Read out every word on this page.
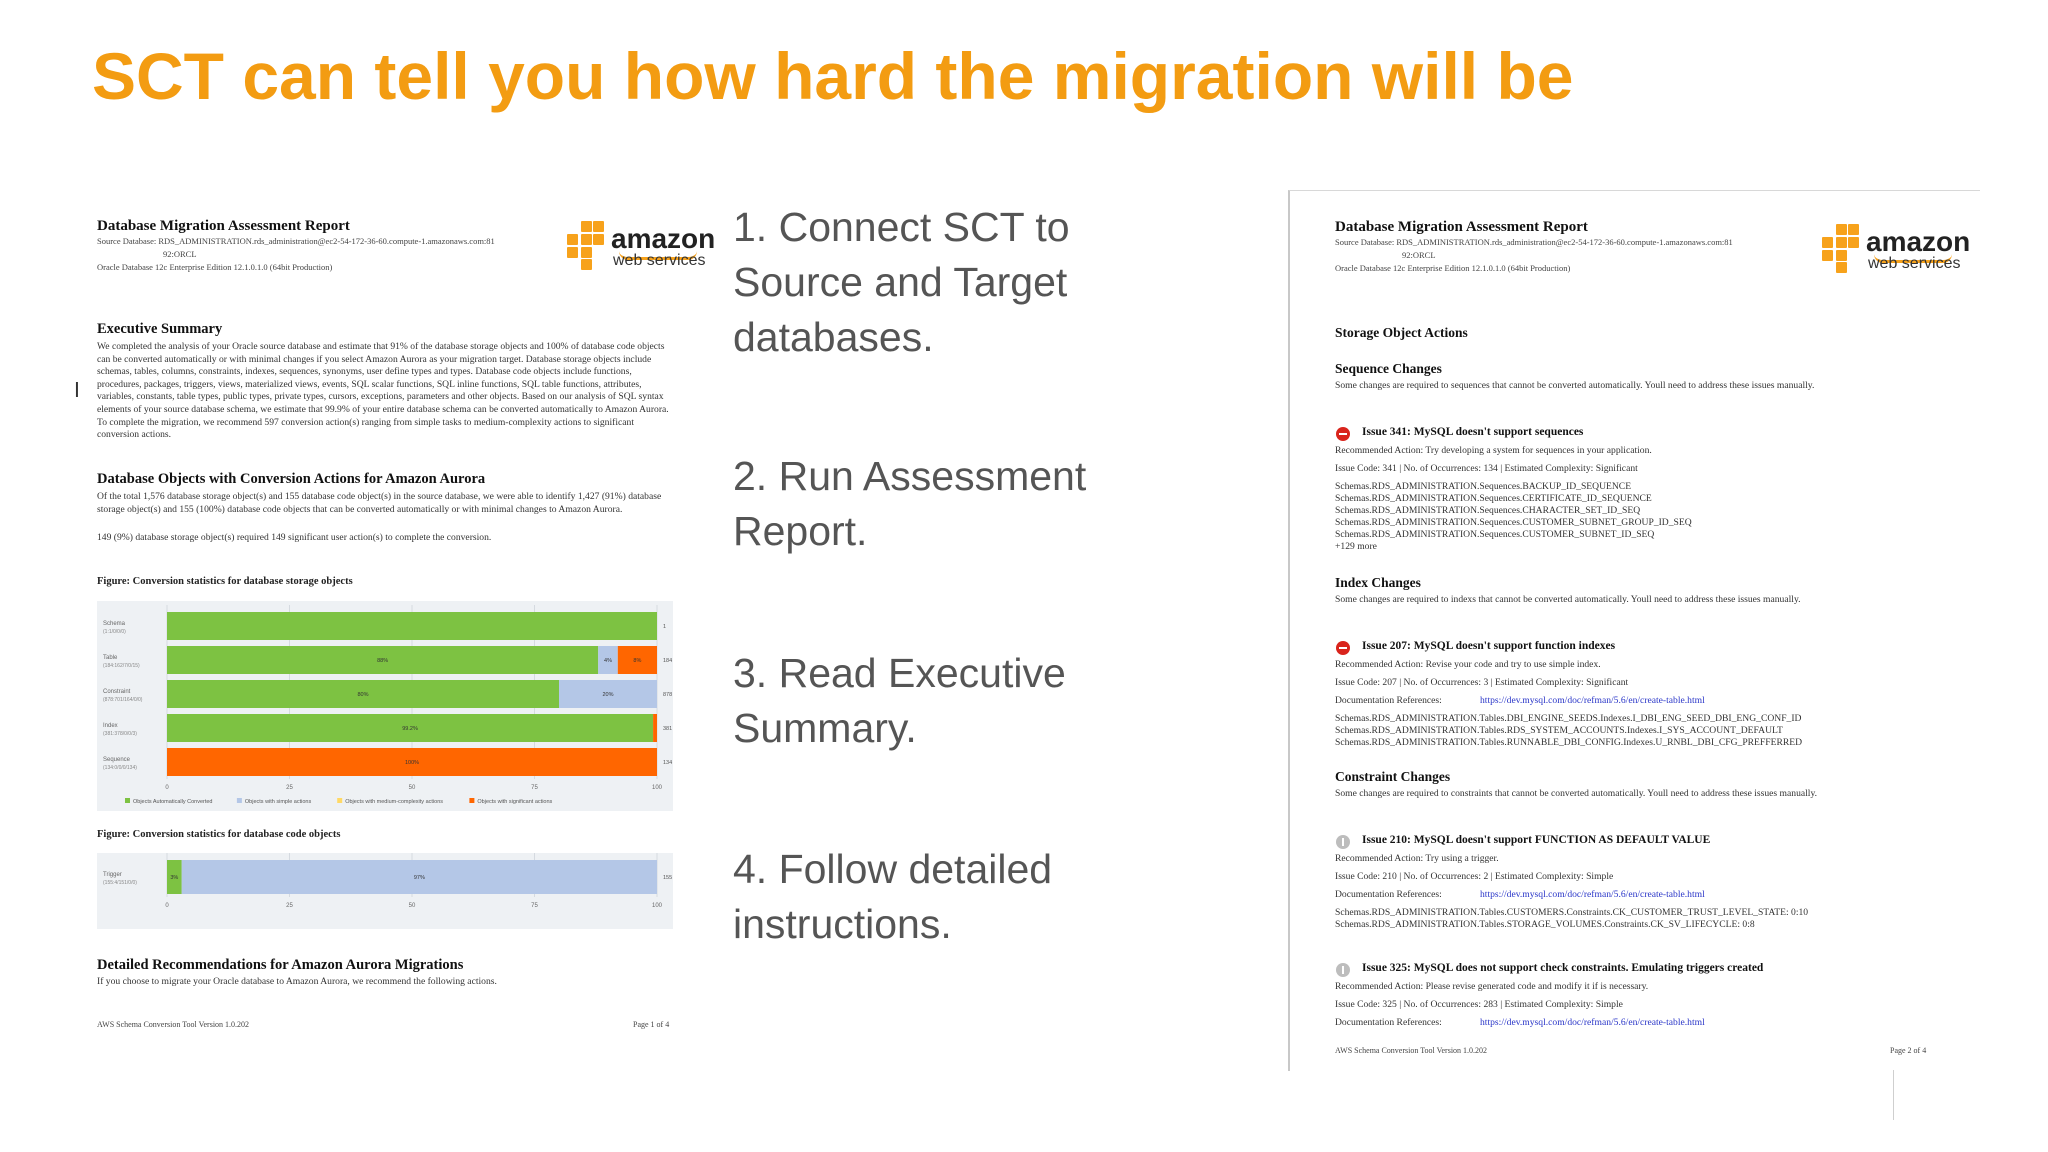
SCT can tell you how hard the migration will be
Database Migration Assessment Report
Source Database: RDS_ADMINISTRATION.rds_administration@ec2-54-172-36-60.compute-1.amazonaws.com:81
92:ORCL
Oracle Database 12c Enterprise Edition 12.1.0.1.0 (64bit Production)
amazon
web services
Executive Summary
We completed the analysis of your Oracle source database and estimate that 91% of the database storage objects and 100% of database code objects can be converted automatically or with minimal changes if you select Amazon Aurora as your migration target. Database storage objects include schemas, tables, columns, constraints, indexes, sequences, synonyms, user define types and types. Database code objects include functions, procedures, packages, triggers, views, materialized views, events, SQL scalar functions, SQL inline functions, SQL table functions, attributes, variables, constants, table types, public types, private types, cursors, exceptions, parameters and other objects. Based on our analysis of SQL syntax elements of your source database schema, we estimate that 99.9% of your entire database schema can be converted automatically to Amazon Aurora. To complete the migration, we recommend 597 conversion action(s) ranging from simple tasks to medium-complexity actions to significant conversion actions.
Database Objects with Conversion Actions for Amazon Aurora
Of the total 1,576 database storage object(s) and 155 database code object(s) in the source database, we were able to identify 1,427 (91%) database storage object(s) and 155 (100%) database code objects that can be converted automatically or with minimal changes to Amazon Aurora.
149 (9%) database storage object(s) required 149 significant user action(s) to complete the conversion.
Figure: Conversion statistics for database storage objects
0	25	50	75	100
Schema
(1:1/0/0/0)
1
Table
(184:162/7/0/15)
88%	4%	8%	184
Constraint
(878:701/164/0/0)
80%	20%	878
Index
(381:378/0/0/3)
99.2%	381
Sequence
(134:0/0/0/134)
100%	134
Objects Automatically Converted	Objects with simple actions	Objects with medium-complexity actions	Objects with significant actions
Figure: Conversion statistics for database code objects
0	25	50	75	100
Trigger
(155:4/151/0/0)
3%	97%	155
Detailed Recommendations for Amazon Aurora Migrations
If you choose to migrate your Oracle database to Amazon Aurora, we recommend the following actions.
AWS Schema Conversion Tool Version 1.0.202	Page 1 of 4
I

1. Connect SCT to Source and Target databases.

2. Run Assessment Report.

3. Read Executive Summary.

4. Follow detailed instructions.

Database Migration Assessment Report
Source Database: RDS_ADMINISTRATION.rds_administration@ec2-54-172-36-60.compute-1.amazonaws.com:81
92:ORCL
Oracle Database 12c Enterprise Edition 12.1.0.1.0 (64bit Production)
amazon
web services
Storage Object Actions
Sequence Changes
Some changes are required to sequences that cannot be converted automatically. Youll need to address these issues manually.
Issue 341: MySQL doesn't support sequences
Recommended Action: Try developing a system for sequences in your application.
Issue Code: 341 | No. of Occurrences: 134 | Estimated Complexity: Significant
Schemas.RDS_ADMINISTRATION.Sequences.BACKUP_ID_SEQUENCE
Schemas.RDS_ADMINISTRATION.Sequences.CERTIFICATE_ID_SEQUENCE
Schemas.RDS_ADMINISTRATION.Sequences.CHARACTER_SET_ID_SEQ
Schemas.RDS_ADMINISTRATION.Sequences.CUSTOMER_SUBNET_GROUP_ID_SEQ
Schemas.RDS_ADMINISTRATION.Sequences.CUSTOMER_SUBNET_ID_SEQ
+129 more
Index Changes
Some changes are required to indexs that cannot be converted automatically. Youll need to address these issues manually.
Issue 207: MySQL doesn't support function indexes
Recommended Action: Revise your code and try to use simple index.
Issue Code: 207 | No. of Occurrences: 3 | Estimated Complexity: Significant
Documentation References:	https://dev.mysql.com/doc/refman/5.6/en/create-table.html
Schemas.RDS_ADMINISTRATION.Tables.DBI_ENGINE_SEEDS.Indexes.I_DBI_ENG_SEED_DBI_ENG_CONF_ID
Schemas.RDS_ADMINISTRATION.Tables.RDS_SYSTEM_ACCOUNTS.Indexes.I_SYS_ACCOUNT_DEFAULT
Schemas.RDS_ADMINISTRATION.Tables.RUNNABLE_DBI_CONFIG.Indexes.U_RNBL_DBI_CFG_PREFFERRED
Constraint Changes
Some changes are required to constraints that cannot be converted automatically. Youll need to address these issues manually.
Issue 210: MySQL doesn't support FUNCTION AS DEFAULT VALUE
Recommended Action: Try using a trigger.
Issue Code: 210 | No. of Occurrences: 2 | Estimated Complexity: Simple
Documentation References:	https://dev.mysql.com/doc/refman/5.6/en/create-table.html
Schemas.RDS_ADMINISTRATION.Tables.CUSTOMERS.Constraints.CK_CUSTOMER_TRUST_LEVEL_STATE: 0:10
Schemas.RDS_ADMINISTRATION.Tables.STORAGE_VOLUMES.Constraints.CK_SV_LIFECYCLE: 0:8
Issue 325: MySQL does not support check constraints. Emulating triggers created
Recommended Action: Please revise generated code and modify it if is necessary.
Issue Code: 325 | No. of Occurrences: 283 | Estimated Complexity: Simple
Documentation References:	https://dev.mysql.com/doc/refman/5.6/en/create-table.html
AWS Schema Conversion Tool Version 1.0.202	Page 2 of 4
